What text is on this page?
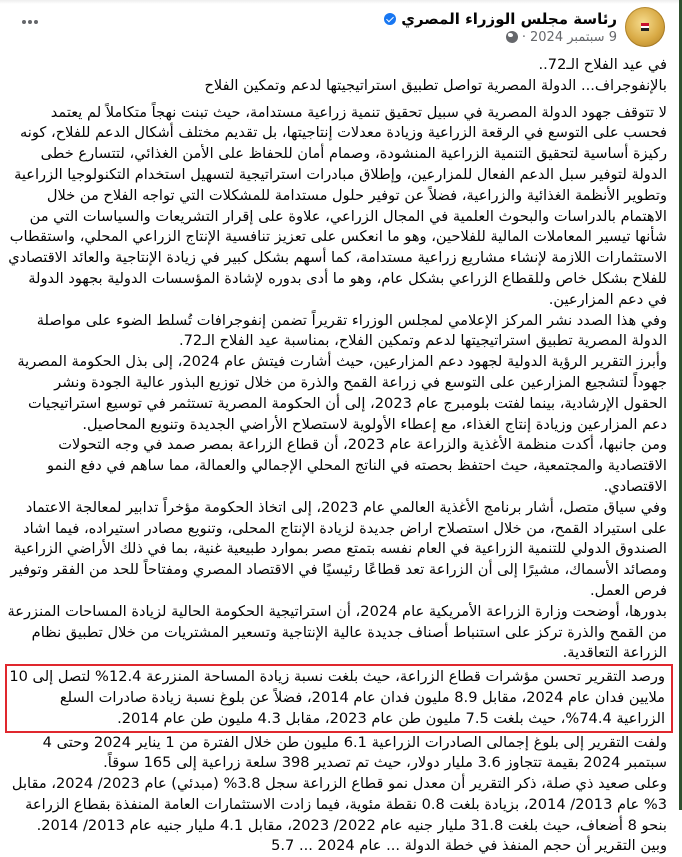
رئاسة مجلس الوزراء المصري
9 سبتمبر 2024
·

في عيد الفلاح الـ72..

بالإنفوجراف... الدولة المصرية تواصل تطبيق استراتيجيتها لدعم وتمكين الفلاح

لا تتوقف جهود الدولة المصرية في سبيل تحقيق تنمية زراعية مستدامة، حيث تبنت نهجاً متكاملاً لم يعتمد فحسب على التوسع في الرقعة الزراعية وزيادة معدلات إنتاجيتها، بل تقديم مختلف أشكال الدعم للفلاح، كونه ركيزة أساسية لتحقيق التنمية الزراعية المنشودة، وصمام أمان للحفاظ على الأمن الغذائي، لتتسارع خطى الدولة لتوفير سبل الدعم الفعال للمزارعين، وإطلاق مبادرات استراتيجية لتسهيل استخدام التكنولوجيا الزراعية وتطوير الأنظمة الغذائية والزراعية، فضلاً عن توفير حلول مستدامة للمشكلات التي تواجه الفلاح من خلال الاهتمام بالدراسات والبحوث العلمية في المجال الزراعي، علاوة على إقرار التشريعات والسياسات التي من شأنها تيسير المعاملات المالية للفلاحين، وهو ما انعكس على تعزيز تنافسية الإنتاج الزراعي المحلي، واستقطاب الاستثمارات اللازمة لإنشاء مشاريع زراعية مستدامة، كما أسهم بشكل كبير في زيادة الإنتاجية والعائد الاقتصادي للفلاح بشكل خاص وللقطاع الزراعي بشكل عام، وهو ما أدى بدوره لإشادة المؤسسات الدولية بجهود الدولة في دعم المزارعين.

وفي هذا الصدد نشر المركز الإعلامي لمجلس الوزراء تقريراً تضمن إنفوجرافات تُسلط الضوء على مواصلة الدولة المصرية تطبيق استراتيجيتها لدعم وتمكين الفلاح، بمناسبة عيد الفلاح الـ72.

وأبرز التقرير الرؤية الدولية لجهود دعم المزارعين، حيث أشارت فيتش عام 2024، إلى بذل الحكومة المصرية جهوداً لتشجيع المزارعين على التوسع في زراعة القمح والذرة من خلال توزيع البذور عالية الجودة ونشر الحقول الإرشادية، بينما لفتت بلومبرج عام 2023، إلى أن الحكومة المصرية تستثمر في توسيع استراتيجيات دعم المزارعين وزيادة إنتاج الغذاء، مع إعطاء الأولوية لاستصلاح الأراضي الجديدة وتنويع المحاصيل.

ومن جانبها، أكدت منظمة الأغذية والزراعة عام 2023، أن قطاع الزراعة بمصر صمد في وجه التحولات الاقتصادية والمجتمعية، حيث احتفظ بحصته في الناتج المحلي الإجمالي والعمالة، مما ساهم في دفع النمو الاقتصادي.

وفي سياق متصل، أشار برنامج الأغذية العالمي عام 2023، إلى اتخاذ الحكومة مؤخراً تدابير لمعالجة الاعتماد على استيراد القمح، من خلال استصلاح اراض جديدة لزيادة الإنتاج المحلى، وتنويع مصادر استيراده، فيما اشاد الصندوق الدولي للتنمية الزراعية في العام نفسه بتمتع مصر بموارد طبيعية غنية، بما في ذلك الأراضي الزراعية ومصائد الأسماك، مشيرًا إلى أن الزراعة تعد قطاعًا رئيسيًا في الاقتصاد المصري ومفتاحاً للحد من الفقر وتوفير فرص العمل.

بدورها، أوضحت وزارة الزراعة الأمريكية عام 2024، أن استراتيجية الحكومة الحالية لزيادة المساحات المنزرعة من القمح والذرة تركز على استنباط أصناف جديدة عالية الإنتاجية وتسعير المشتريات من خلال تطبيق نظام الزراعة التعاقدية.

ورصد التقرير تحسن مؤشرات قطاع الزراعة، حيث بلغت نسبة زيادة المساحة المنزرعة 12.4% لتصل إلى 10 ملايين فدان عام 2024، مقابل 8.9 مليون فدان عام 2014، فضلاً عن بلوغ نسبة زيادة صادرات السلع الزراعية 74.4%، حيث بلغت 7.5 مليون طن عام 2023، مقابل 4.3 مليون طن عام 2014.

ولفت التقرير إلى بلوغ إجمالى الصادرات الزراعية 6.1 مليون طن خلال الفترة من 1 يناير 2024 وحتى 4 سبتمبر 2024 بقيمة تتجاوز 3.6 مليار دولار، حيث تم تصدير 398 سلعة زراعية إلى 165 سوقاً.

وعلى صعيد ذي صلة، ذكر التقرير أن معدل نمو قطاع الزراعة سجل 3.8% (مبدئي) عام 2023/ 2024، مقابل 3% عام 2013/ 2014، بزيادة بلغت 0.8 نقطة مئوية، فيما زادت الاستثمارات العامة المنفذة بقطاع الزراعة بنحو 8 أضعاف، حيث بلغت 31.8 مليار جنيه عام 2022/ 2023، مقابل 4.1 مليار جنيه عام 2013/ 2014.

وبين التقرير أن حجم المنفذ في خطة الدولة ... عام 2024 ... 5.7
